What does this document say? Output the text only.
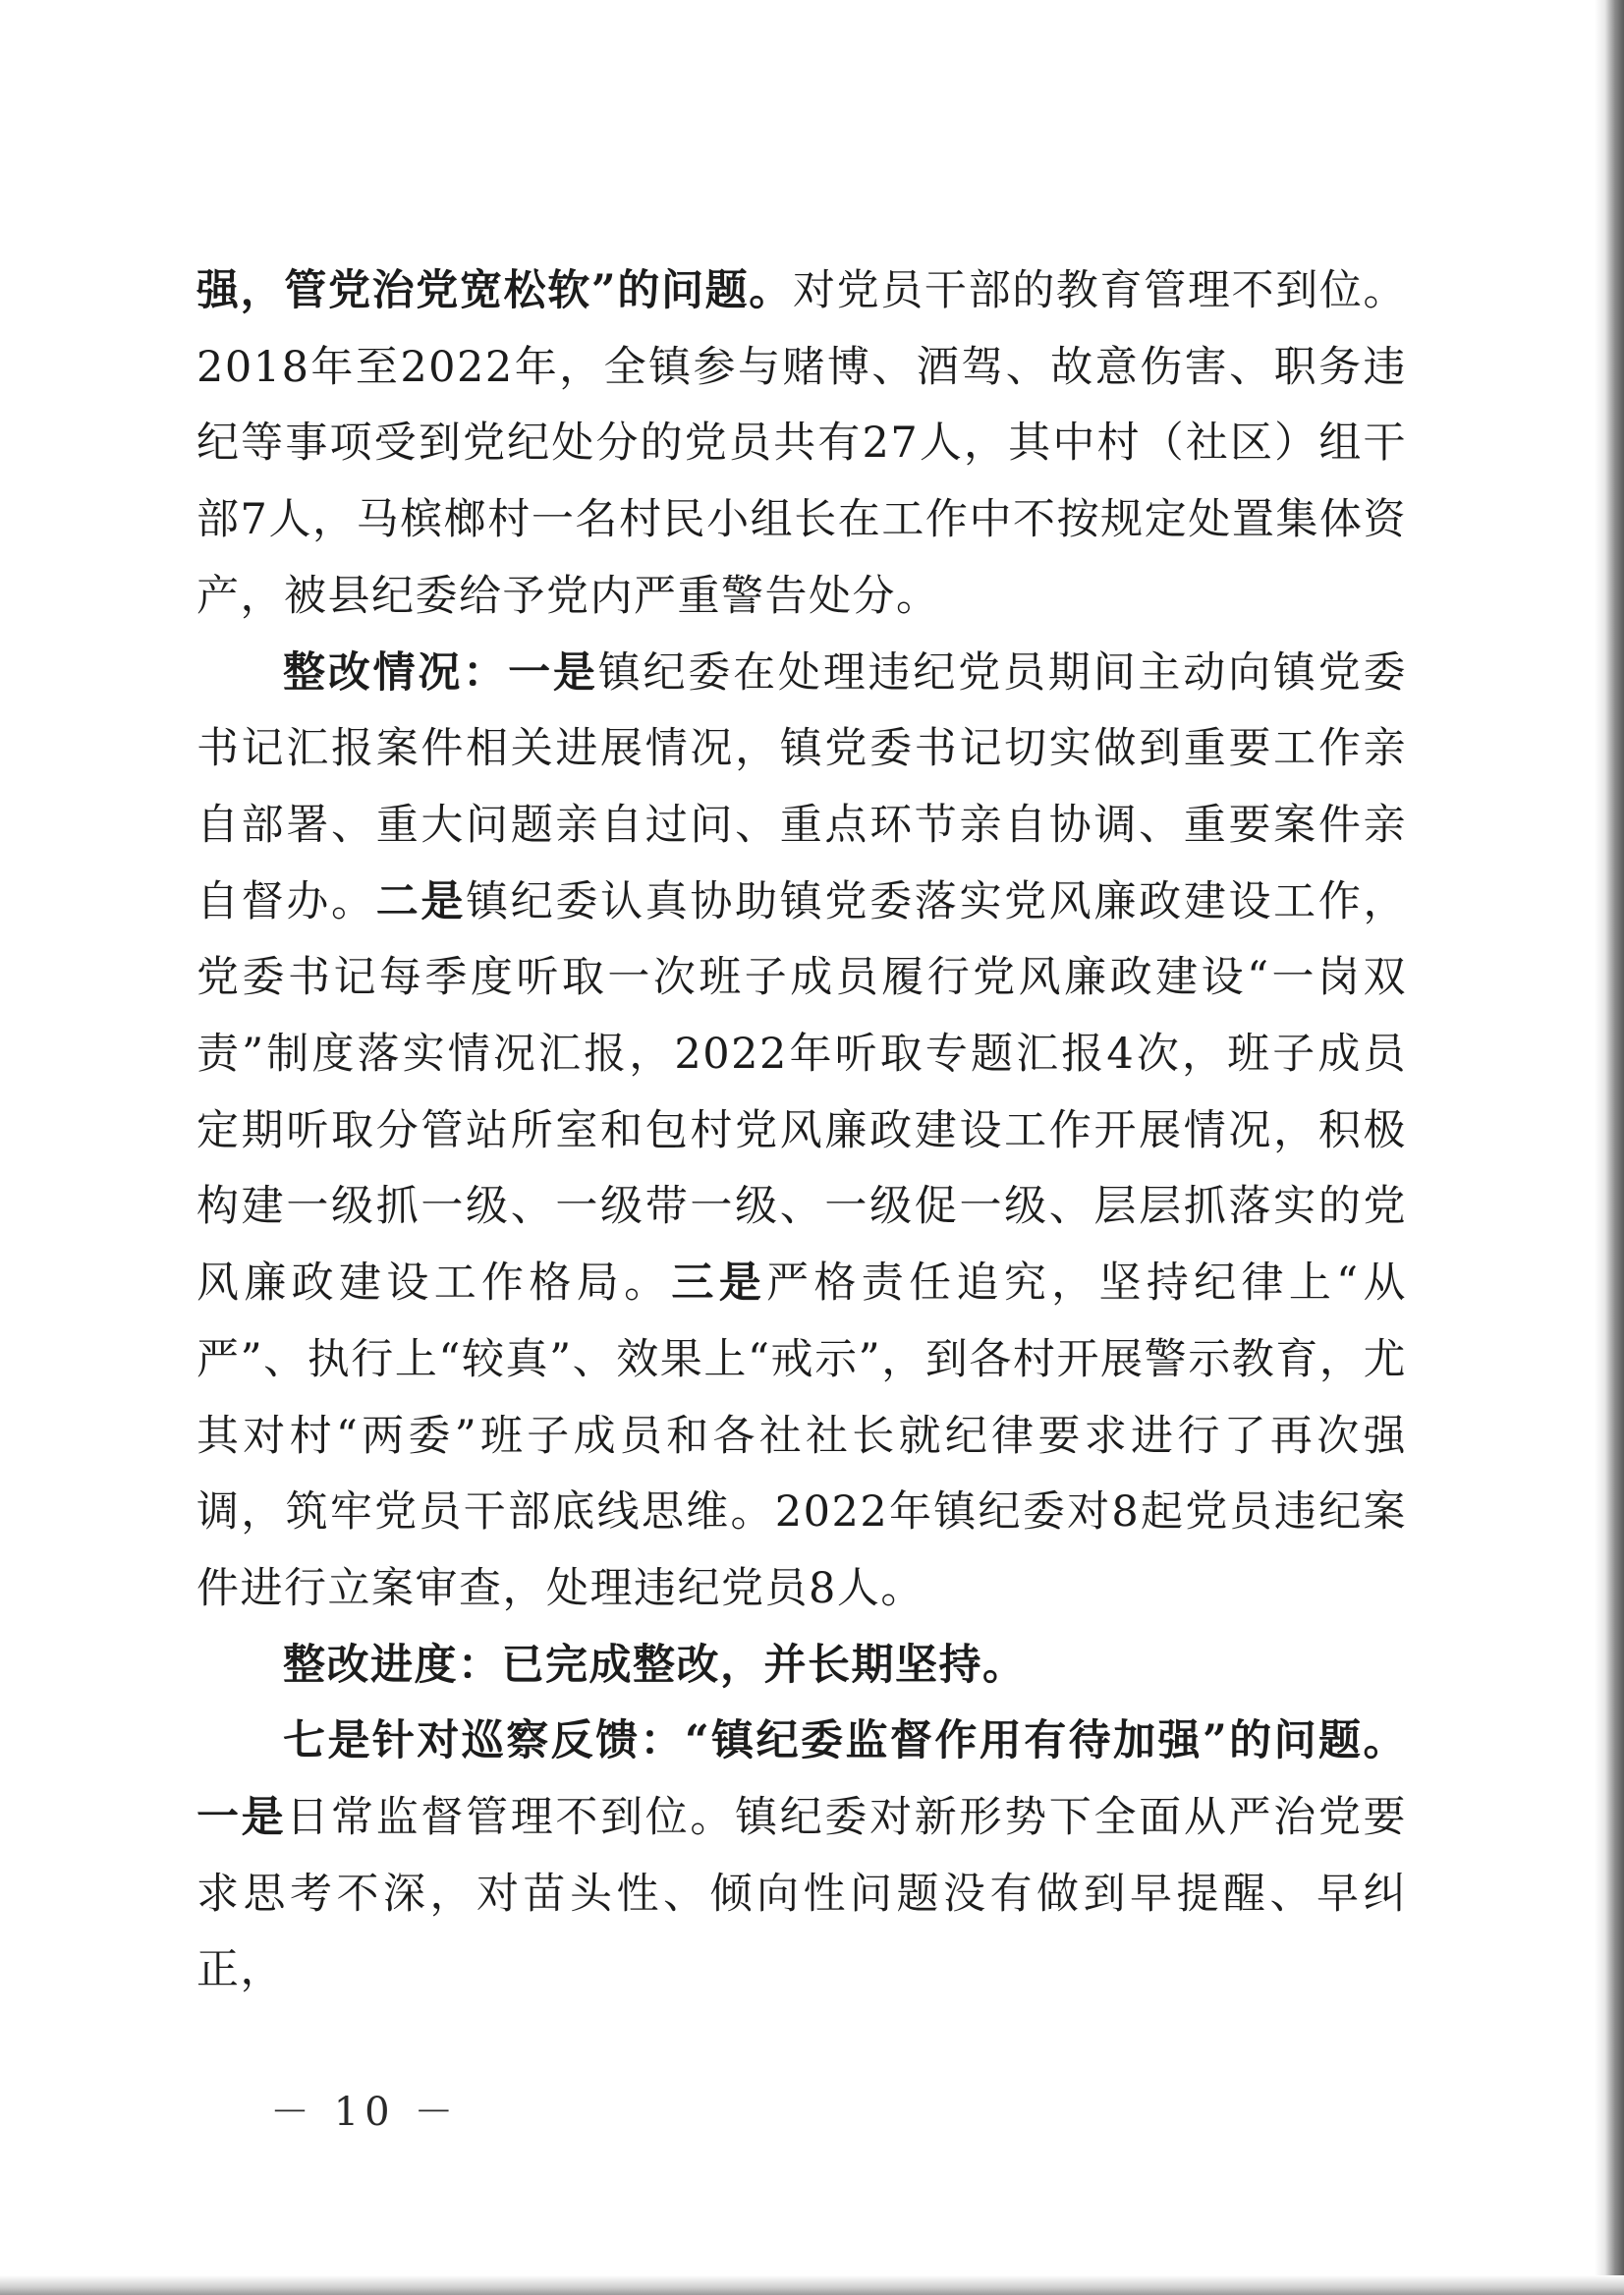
强，管党治党宽松软”的问题。对党员干部的教育管理不到位。2018年至2022年，全镇参与赌博、酒驾、故意伤害、职务违纪等事项受到党纪处分的党员共有27人，其中村（社区）组干部7人，马槟榔村一名村民小组长在工作中不按规定处置集体资产，被县纪委给予党内严重警告处分。

整改情况：一是镇纪委在处理违纪党员期间主动向镇党委书记汇报案件相关进展情况，镇党委书记切实做到重要工作亲自部署、重大问题亲自过问、重点环节亲自协调、重要案件亲自督办。二是镇纪委认真协助镇党委落实党风廉政建设工作，党委书记每季度听取一次班子成员履行党风廉政建设“一岗双责”制度落实情况汇报，2022年听取专题汇报4次，班子成员定期听取分管站所室和包村党风廉政建设工作开展情况，积极构建一级抓一级、一级带一级、一级促一级、层层抓落实的党风廉政建设工作格局。三是严格责任追究，坚持纪律上“从严”、执行上“较真”、效果上“戒示”，到各村开展警示教育，尤其对村“两委”班子成员和各社社长就纪律要求进行了再次强调，筑牢党员干部底线思维。2022年镇纪委对8起党员违纪案件进行立案审查，处理违纪党员8人。

整改进度：已完成整改，并长期坚持。

七是针对巡察反馈：“镇纪委监督作用有待加强”的问题。一是日常监督管理不到位。镇纪委对新形势下全面从严治党要求思考不深，对苗头性、倾向性问题没有做到早提醒、早纠正，

－ 10 －
